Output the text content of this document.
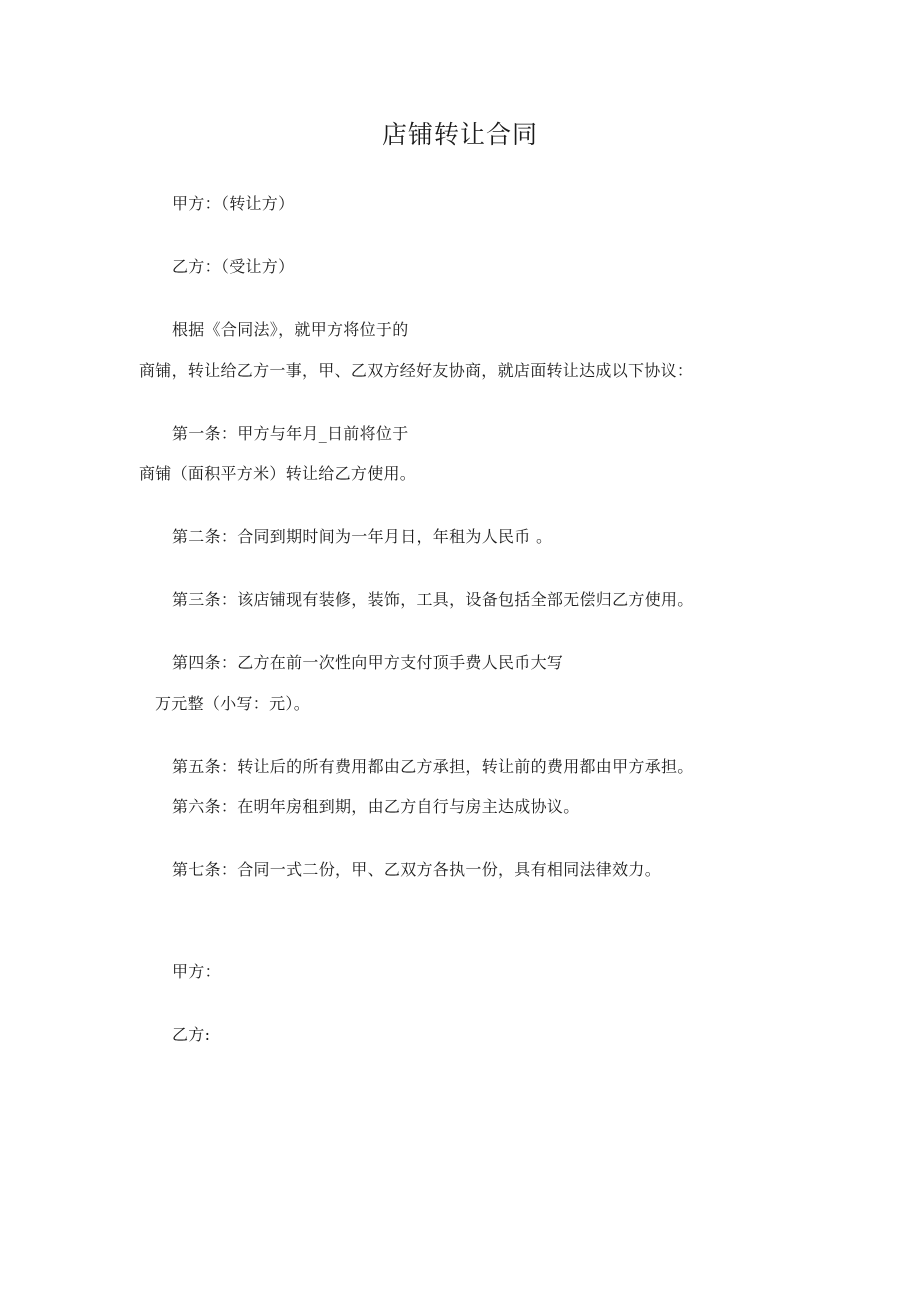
店铺转让合同
甲方：（转让方）
乙方：（受让方）
根据《合同法》，就甲方将位于的
商铺，转让给乙方一事，甲、乙双方经好友协商，就店面转让达成以下协议：
第一条：甲方与年月_日前将位于
商铺（面积平方米）转让给乙方使用。
第二条：合同到期时间为一年月日，年租为人民币 。
第三条：该店铺现有装修，装饰，工具，设备包括全部无偿归乙方使用。
第四条：乙方在前一次性向甲方支付顶手费人民币大写
万元整（小写：元）。
第五条：转让后的所有费用都由乙方承担，转让前的费用都由甲方承担。
第六条：在明年房租到期，由乙方自行与房主达成协议。
第七条：合同一式二份，甲、乙双方各执一份，具有相同法律效力。
甲方：
乙方:
